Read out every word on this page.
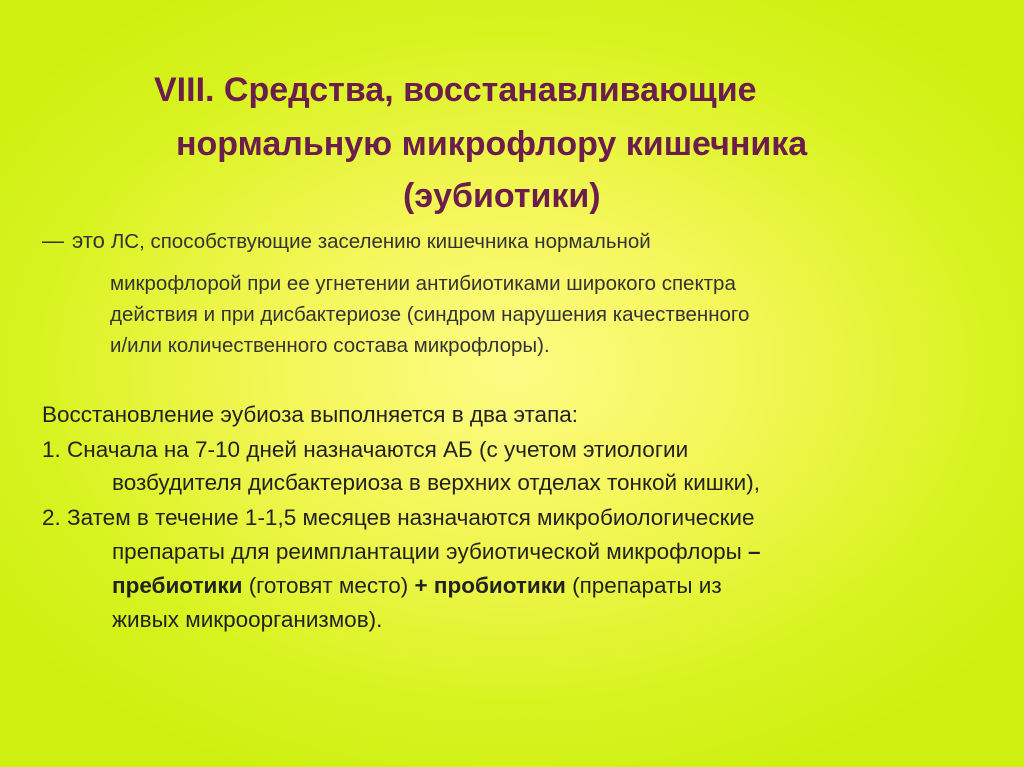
VIII. Средства, восстанавливающие
нормальную микрофлору кишечника
(эубиотики)
— это ЛС, способствующие заселению кишечника нормальной
микрофлорой при ее угнетении антибиотиками широкого спектра
действия и при дисбактериозе (синдром нарушения качественного
и/или количественного состава микрофлоры).
Восстановление эубиоза выполняется в два этапа:
1. Сначала на 7-10 дней назначаются АБ (с учетом этиологии
возбудителя дисбактериоза в верхних отделах тонкой кишки),
2. Затем в течение 1-1,5 месяцев назначаются микробиологические
препараты для реимплантации эубиотической микрофлоры –
пребиотики (готовят место) + пробиотики (препараты из
живых микроорганизмов).
